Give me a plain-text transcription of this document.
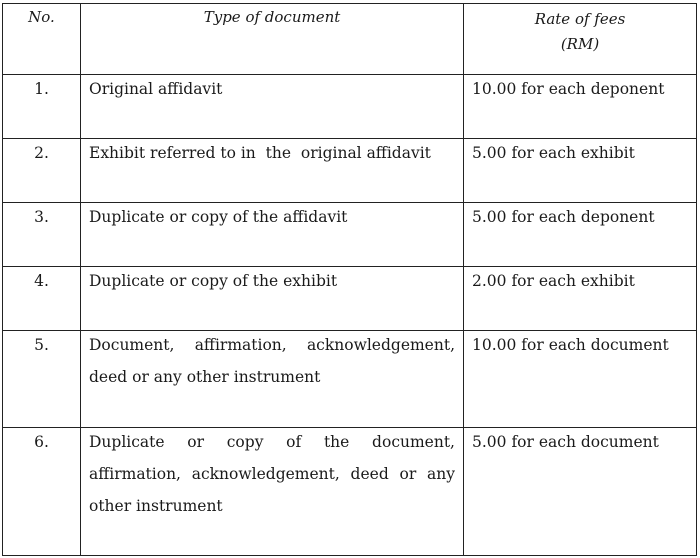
No.	Type of document	Rate of fees
(RM)

1.	Original affidavit	10.00 for each deponent

2.	Exhibit referred to in  the  original affidavit	5.00 for each exhibit

3.	Duplicate or copy of the affidavit	5.00 for each deponent

4.	Duplicate or copy of the exhibit	2.00 for each exhibit

5.	Document, affirmation, acknowledgement, deed or any other instrument	10.00 for each document

6.	Duplicate or copy of the document, affirmation, acknowledgement, deed or any other instrument	5.00 for each document
